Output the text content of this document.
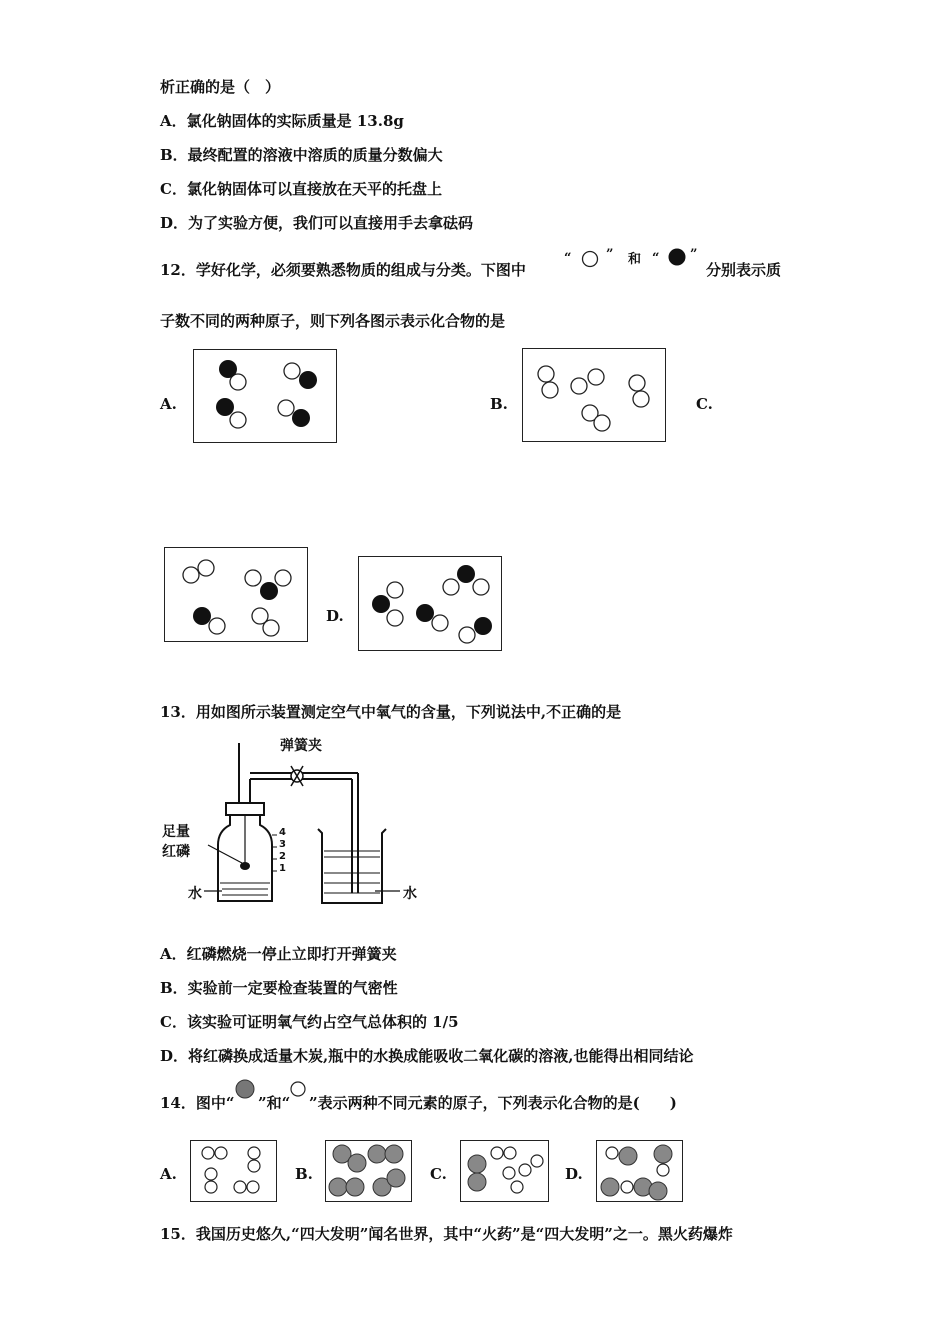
析正确的是（　）
A．氯化钠固体的实际质量是 13.8g
B．最终配置的溶液中溶质的质量分数偏大
C．氯化钠固体可以直接放在天平的托盘上
D．为了实验方便，我们可以直接用手去拿砝码
12．学好化学，必须要熟悉物质的组成与分类。下图中
“	” 和 “ ”
分别表示质
子数不同的两种原子，则下列各图示表示化合物的是
A.	B.	C.
D.
13．用如图所示装置测定空气中氧气的含量，下列说法中,不正确的是
弹簧夹
足量
红磷
水	水
4
3
2
1
A．红磷燃烧一停止立即打开弹簧夹
B．实验前一定要检查装置的气密性
C．该实验可证明氧气约占空气总体积的 1/5
D．将红磷换成适量木炭,瓶中的水换成能吸收二氧化碳的溶液,也能得出相同结论
14．图中“ ”和“ ”表示两种不同元素的原子，下列表示化合物的是(　　)
A.	B.	C.	D.
15．我国历史悠久,“四大发明”闻名世界，其中“火药”是“四大发明”之一。黑火药爆炸
